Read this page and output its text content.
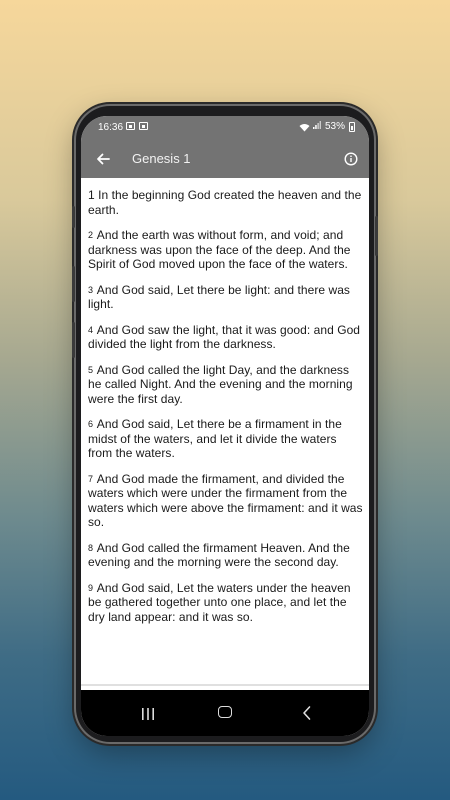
16:36	53%
Genesis 1

1 In the beginning God created the heaven and the earth.

$^2$ And the earth was without form, and void; and darkness was upon the face of the deep. And the Spirit of God moved upon the face of the waters.

$^3$ And God said, Let there be light: and there was light.

$^4$ And God saw the light, that it was good: and God divided the light from the darkness.

$^5$ And God called the light Day, and the darkness he called Night. And the evening and the morning were the first day.

$^6$ And God said, Let there be a firmament in the midst of the waters, and let it divide the waters from the waters.

$^7$ And God made the firmament, and divided the waters which were under the firmament from the waters which were above the firmament: and it was so.

$^8$ And God called the firmament Heaven. And the evening and the morning were the second day.

$^9$ And God said, Let the waters under the heaven be gathered together unto one place, and let the dry land appear: and it was so.
